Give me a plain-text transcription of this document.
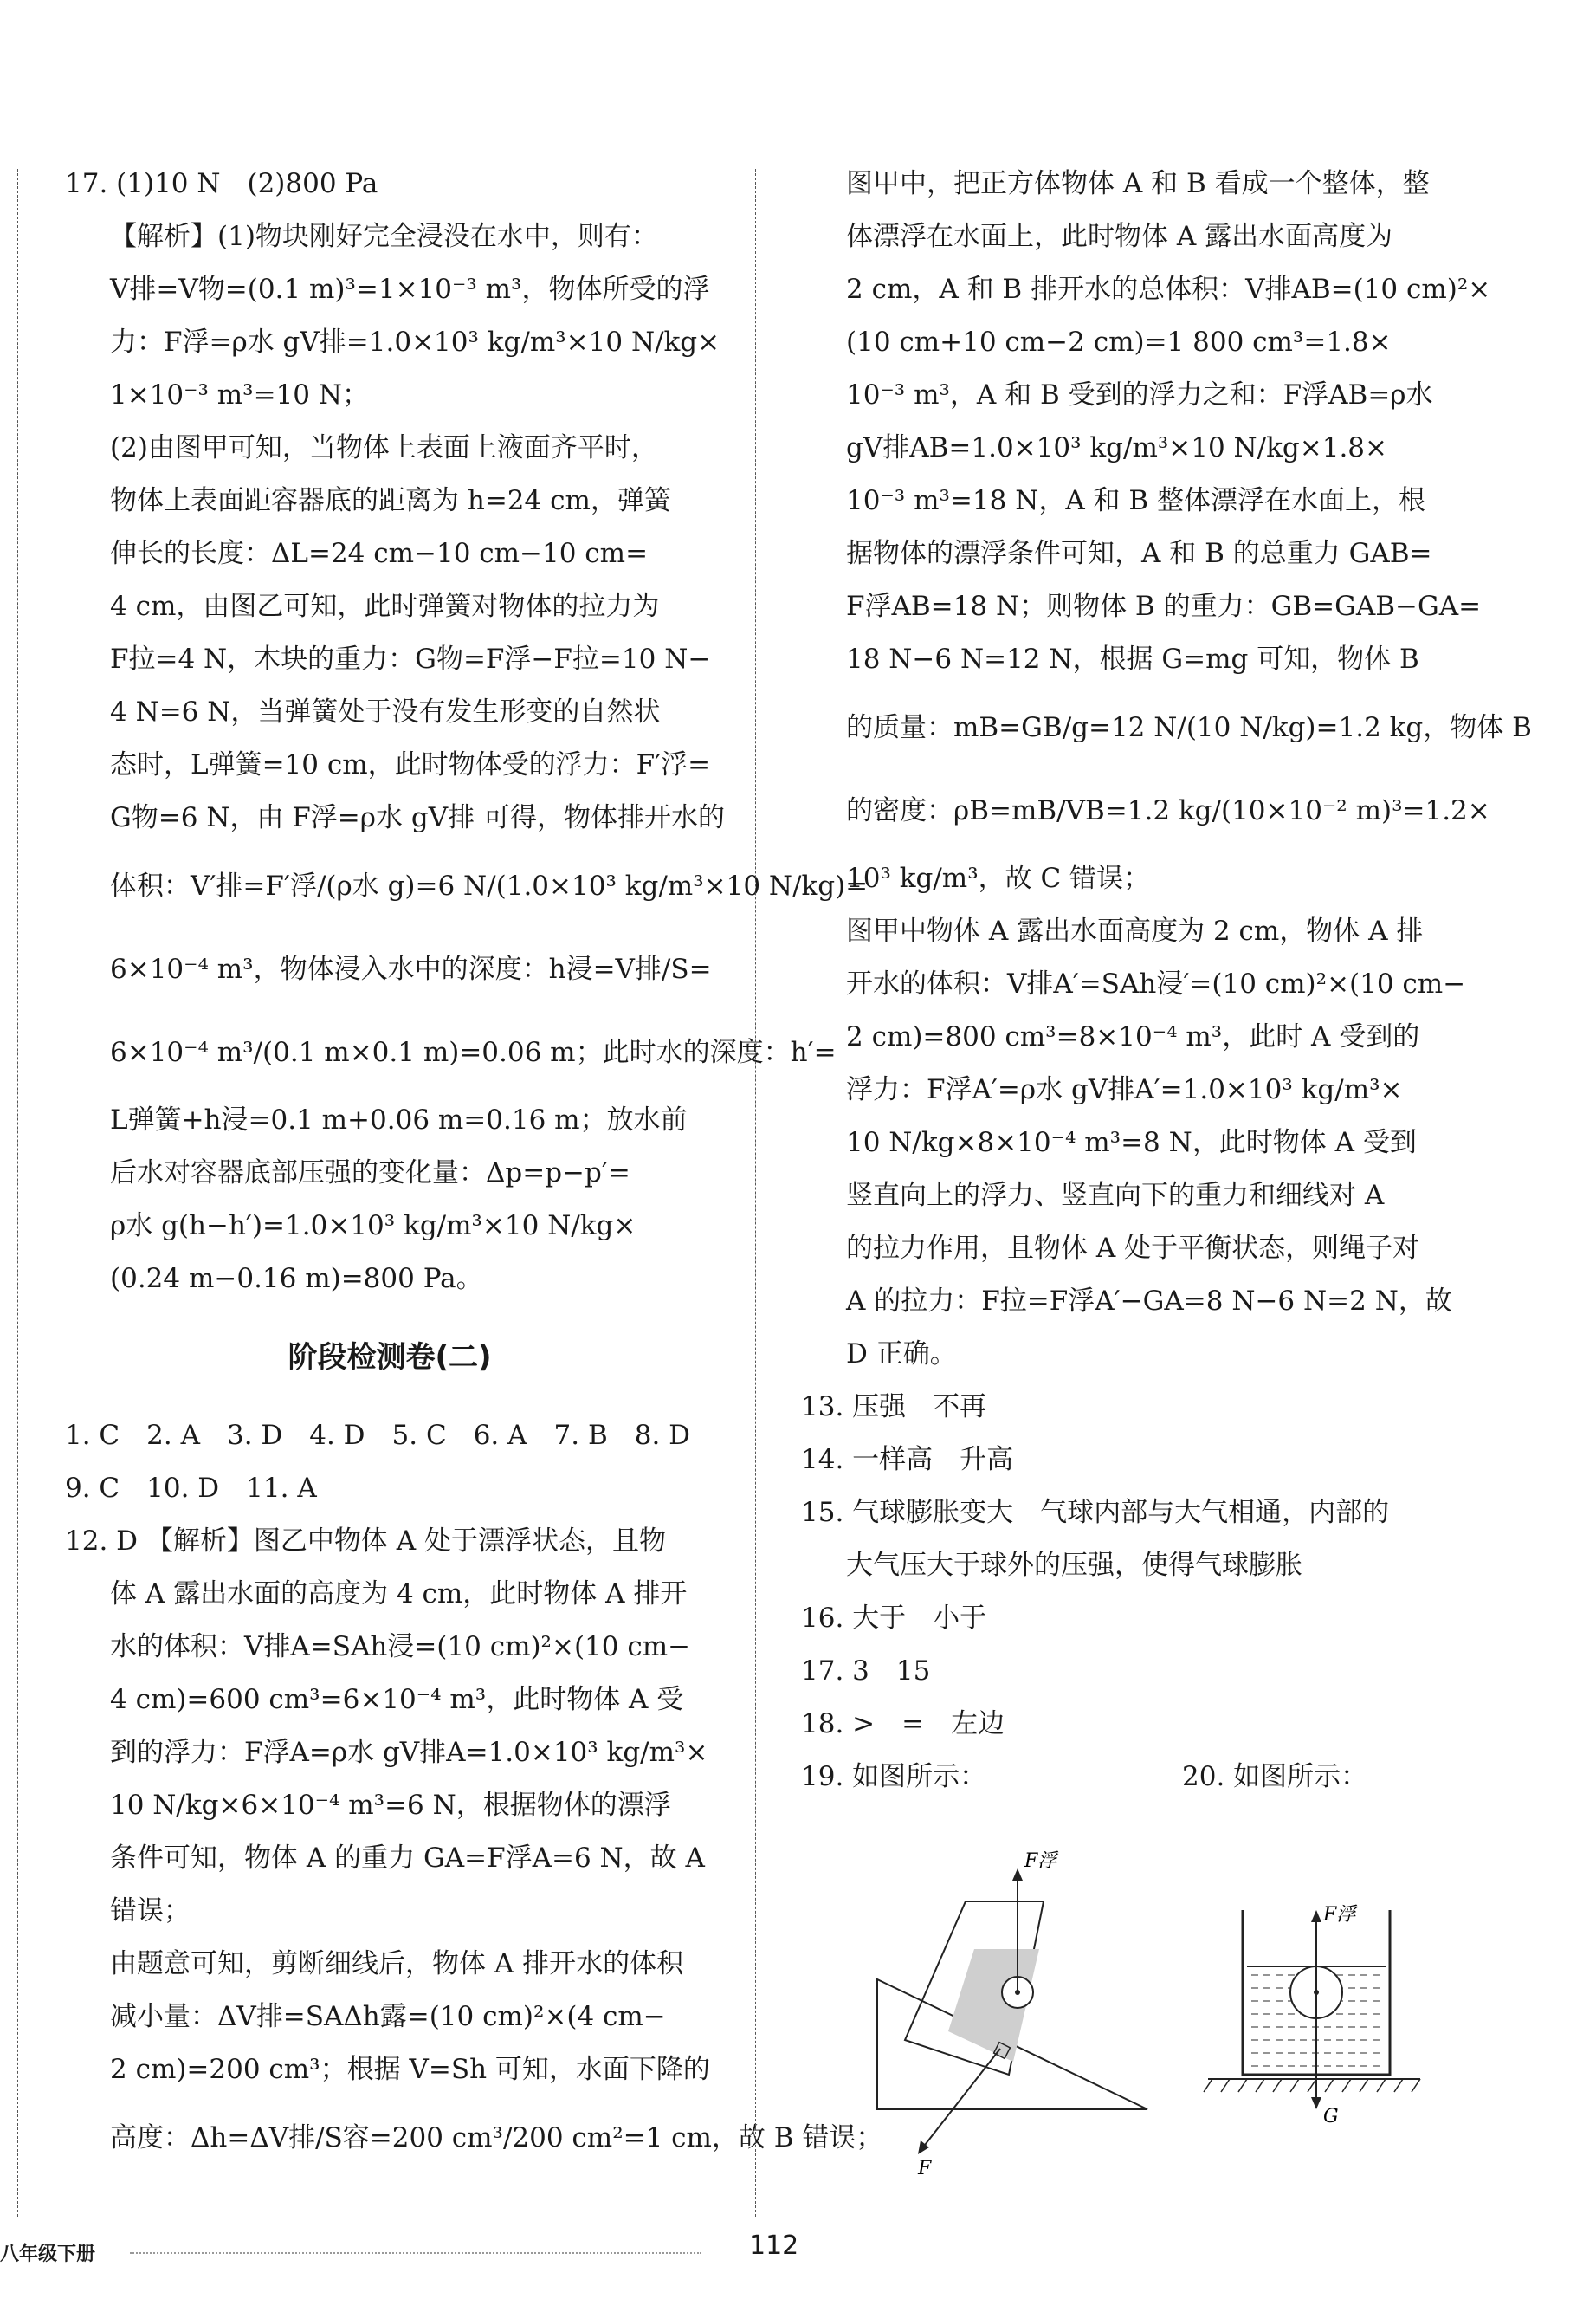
17. (1)10 N　(2)800 Pa
【解析】(1)物块刚好完全浸没在水中，则有：
V排=V物=(0.1 m)³=1×10⁻³ m³，物体所受的浮
力：F浮=ρ水 gV排=1.0×10³ kg/m³×10 N/kg×
1×10⁻³ m³=10 N；
(2)由图甲可知，当物体上表面上液面齐平时，
物体上表面距容器底的距离为 h=24 cm，弹簧
伸长的长度：ΔL=24 cm−10 cm−10 cm=
4 cm，由图乙可知，此时弹簧对物体的拉力为
F拉=4 N，木块的重力：G物=F浮−F拉=10 N−
4 N=6 N，当弹簧处于没有发生形变的自然状
态时，L弹簧=10 cm，此时物体受的浮力：F′浮=
G物=6 N，由 F浮=ρ水 gV排 可得，物体排开水的
体积：V′排=F′浮/(ρ水 g)=6 N/(1.0×10³ kg/m³×10 N/kg)=
6×10⁻⁴ m³，物体浸入水中的深度：h浸=V排/S=
6×10⁻⁴ m³/(0.1 m×0.1 m)=0.06 m；此时水的深度：h′=
L弹簧+h浸=0.1 m+0.06 m=0.16 m；放水前
后水对容器底部压强的变化量：Δp=p−p′=
ρ水 g(h−h′)=1.0×10³ kg/m³×10 N/kg×
(0.24 m−0.16 m)=800 Pa。
阶段检测卷(二)
1. C　2. A　3. D　4. D　5. C　6. A　7. B　8. D
9. C　10. D　11. A
12. D 【解析】图乙中物体 A 处于漂浮状态，且物
体 A 露出水面的高度为 4 cm，此时物体 A 排开
水的体积：V排A=SAh浸=(10 cm)²×(10 cm−
4 cm)=600 cm³=6×10⁻⁴ m³，此时物体 A 受
到的浮力：F浮A=ρ水 gV排A=1.0×10³ kg/m³×
10 N/kg×6×10⁻⁴ m³=6 N，根据物体的漂浮
条件可知，物体 A 的重力 GA=F浮A=6 N，故 A
错误；
由题意可知，剪断细线后，物体 A 排开水的体积
减小量：ΔV排=SAΔh露=(10 cm)²×(4 cm−
2 cm)=200 cm³；根据 V=Sh 可知，水面下降的
高度：Δh=ΔV排/S容=200 cm³/200 cm²=1 cm，故 B 错误；
图甲中，把正方体物体 A 和 B 看成一个整体，整
体漂浮在水面上，此时物体 A 露出水面高度为
2 cm，A 和 B 排开水的总体积：V排AB=(10 cm)²×
(10 cm+10 cm−2 cm)=1 800 cm³=1.8×
10⁻³ m³，A 和 B 受到的浮力之和：F浮AB=ρ水
gV排AB=1.0×10³ kg/m³×10 N/kg×1.8×
10⁻³ m³=18 N，A 和 B 整体漂浮在水面上，根
据物体的漂浮条件可知，A 和 B 的总重力 GAB=
F浮AB=18 N；则物体 B 的重力：GB=GAB−GA=
18 N−6 N=12 N，根据 G=mg 可知，物体 B
的质量：mB=GB/g=12 N/(10 N/kg)=1.2 kg，物体 B
的密度：ρB=mB/VB=1.2 kg/(10×10⁻² m)³=1.2×
10³ kg/m³，故 C 错误；
图甲中物体 A 露出水面高度为 2 cm，物体 A 排
开水的体积：V排A′=SAh浸′=(10 cm)²×(10 cm−
2 cm)=800 cm³=8×10⁻⁴ m³，此时 A 受到的
浮力：F浮A′=ρ水 gV排A′=1.0×10³ kg/m³×
10 N/kg×8×10⁻⁴ m³=8 N，此时物体 A 受到
竖直向上的浮力、竖直向下的重力和细线对 A
的拉力作用，且物体 A 处于平衡状态，则绳子对
A 的拉力：F拉=F浮A′−GA=8 N−6 N=2 N，故
D 正确。
13. 压强　不再
14. 一样高　升高
15. 气球膨胀变大　气球内部与大气相通，内部的
大气压大于球外的压强，使得气球膨胀
16. 大于　小于
17. 3　15
18. >　=　左边
19. 如图所示：	20. 如图所示：
F浮
F
F浮
G
八年级下册	112
